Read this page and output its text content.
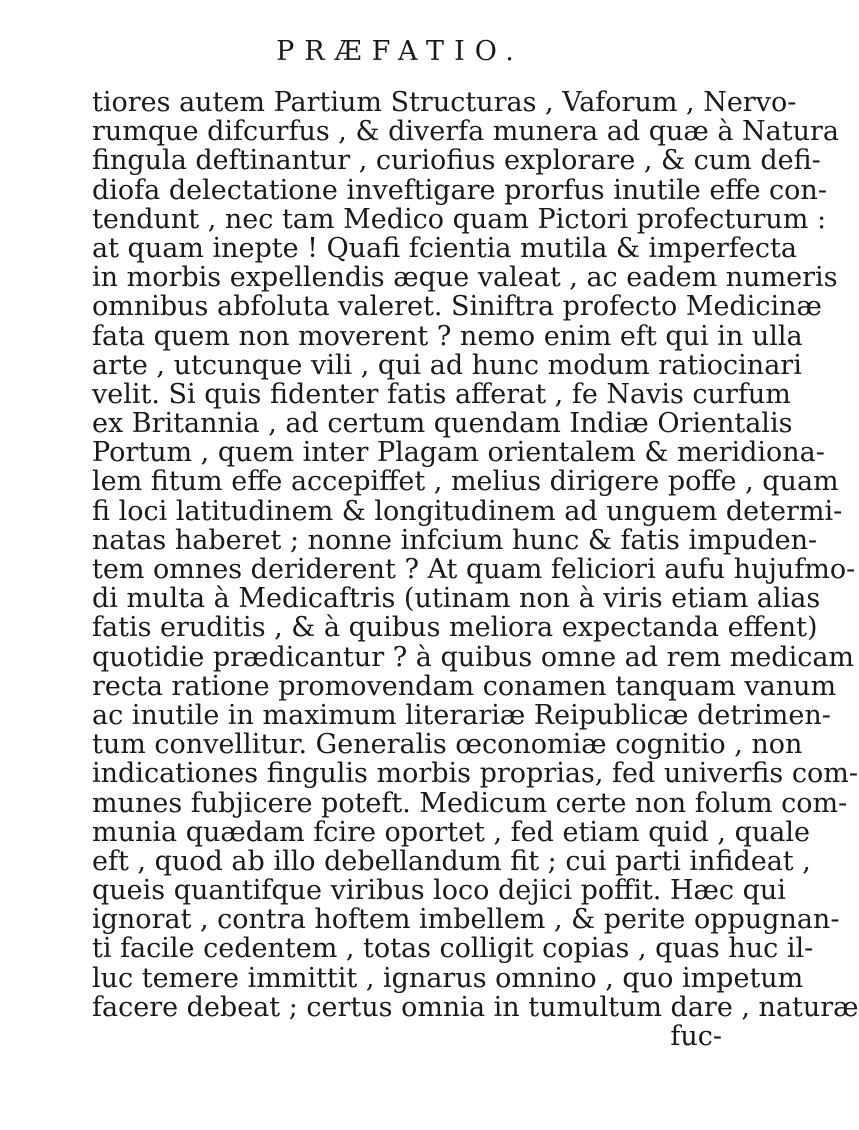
PRÆFATIO.
tiores autem Partium Structuras , Vaforum , Nervo-
rumque difcurfus , & diverfa munera ad quæ à Natura
fingula deftinantur , curiofius explorare , & cum defi-
diofa delectatione inveftigare prorfus inutile effe con-
tendunt , nec tam Medico quam Pictori profecturum :
at quam inepte ! Quafi fcientia mutila & imperfecta
in morbis expellendis æque valeat , ac eadem numeris
omnibus abfoluta valeret. Siniftra profecto Medicinæ
fata quem non moverent ? nemo enim eft qui in ulla
arte , utcunque vili , qui ad hunc modum ratiocinari
velit. Si quis fidenter fatis afferat , fe Navis curfum
ex Britannia , ad certum quendam Indiæ Orientalis
Portum , quem inter Plagam orientalem & meridiona-
lem fitum effe accepiffet , melius dirigere poffe , quam
fi loci latitudinem & longitudinem ad unguem determi-
natas haberet ; nonne infcium hunc & fatis impuden-
tem omnes deriderent ? At quam feliciori aufu hujufmo-
di multa à Medicaftris (utinam non à viris etiam alias
fatis eruditis , & à quibus meliora expectanda effent)
quotidie prædicantur ? à quibus omne ad rem medicam
recta ratione promovendam conamen tanquam vanum
ac inutile in maximum literariæ Reipublicæ detrimen-
tum convellitur. Generalis œconomiæ cognitio , non
indicationes fingulis morbis proprias, fed univerfis com-
munes fubjicere poteft. Medicum certe non folum com-
munia quædam fcire oportet , fed etiam quid , quale
eft , quod ab illo debellandum fit ; cui parti infideat ,
queis quantifque viribus loco dejici poffit. Hæc qui
ignorat , contra hoftem imbellem , & perite oppugnan-
ti facile cedentem , totas colligit copias , quas huc il-
luc temere immittit , ignarus omnino , quo impetum
facere debeat ; certus omnia in tumultum dare , naturæ
fuc-
